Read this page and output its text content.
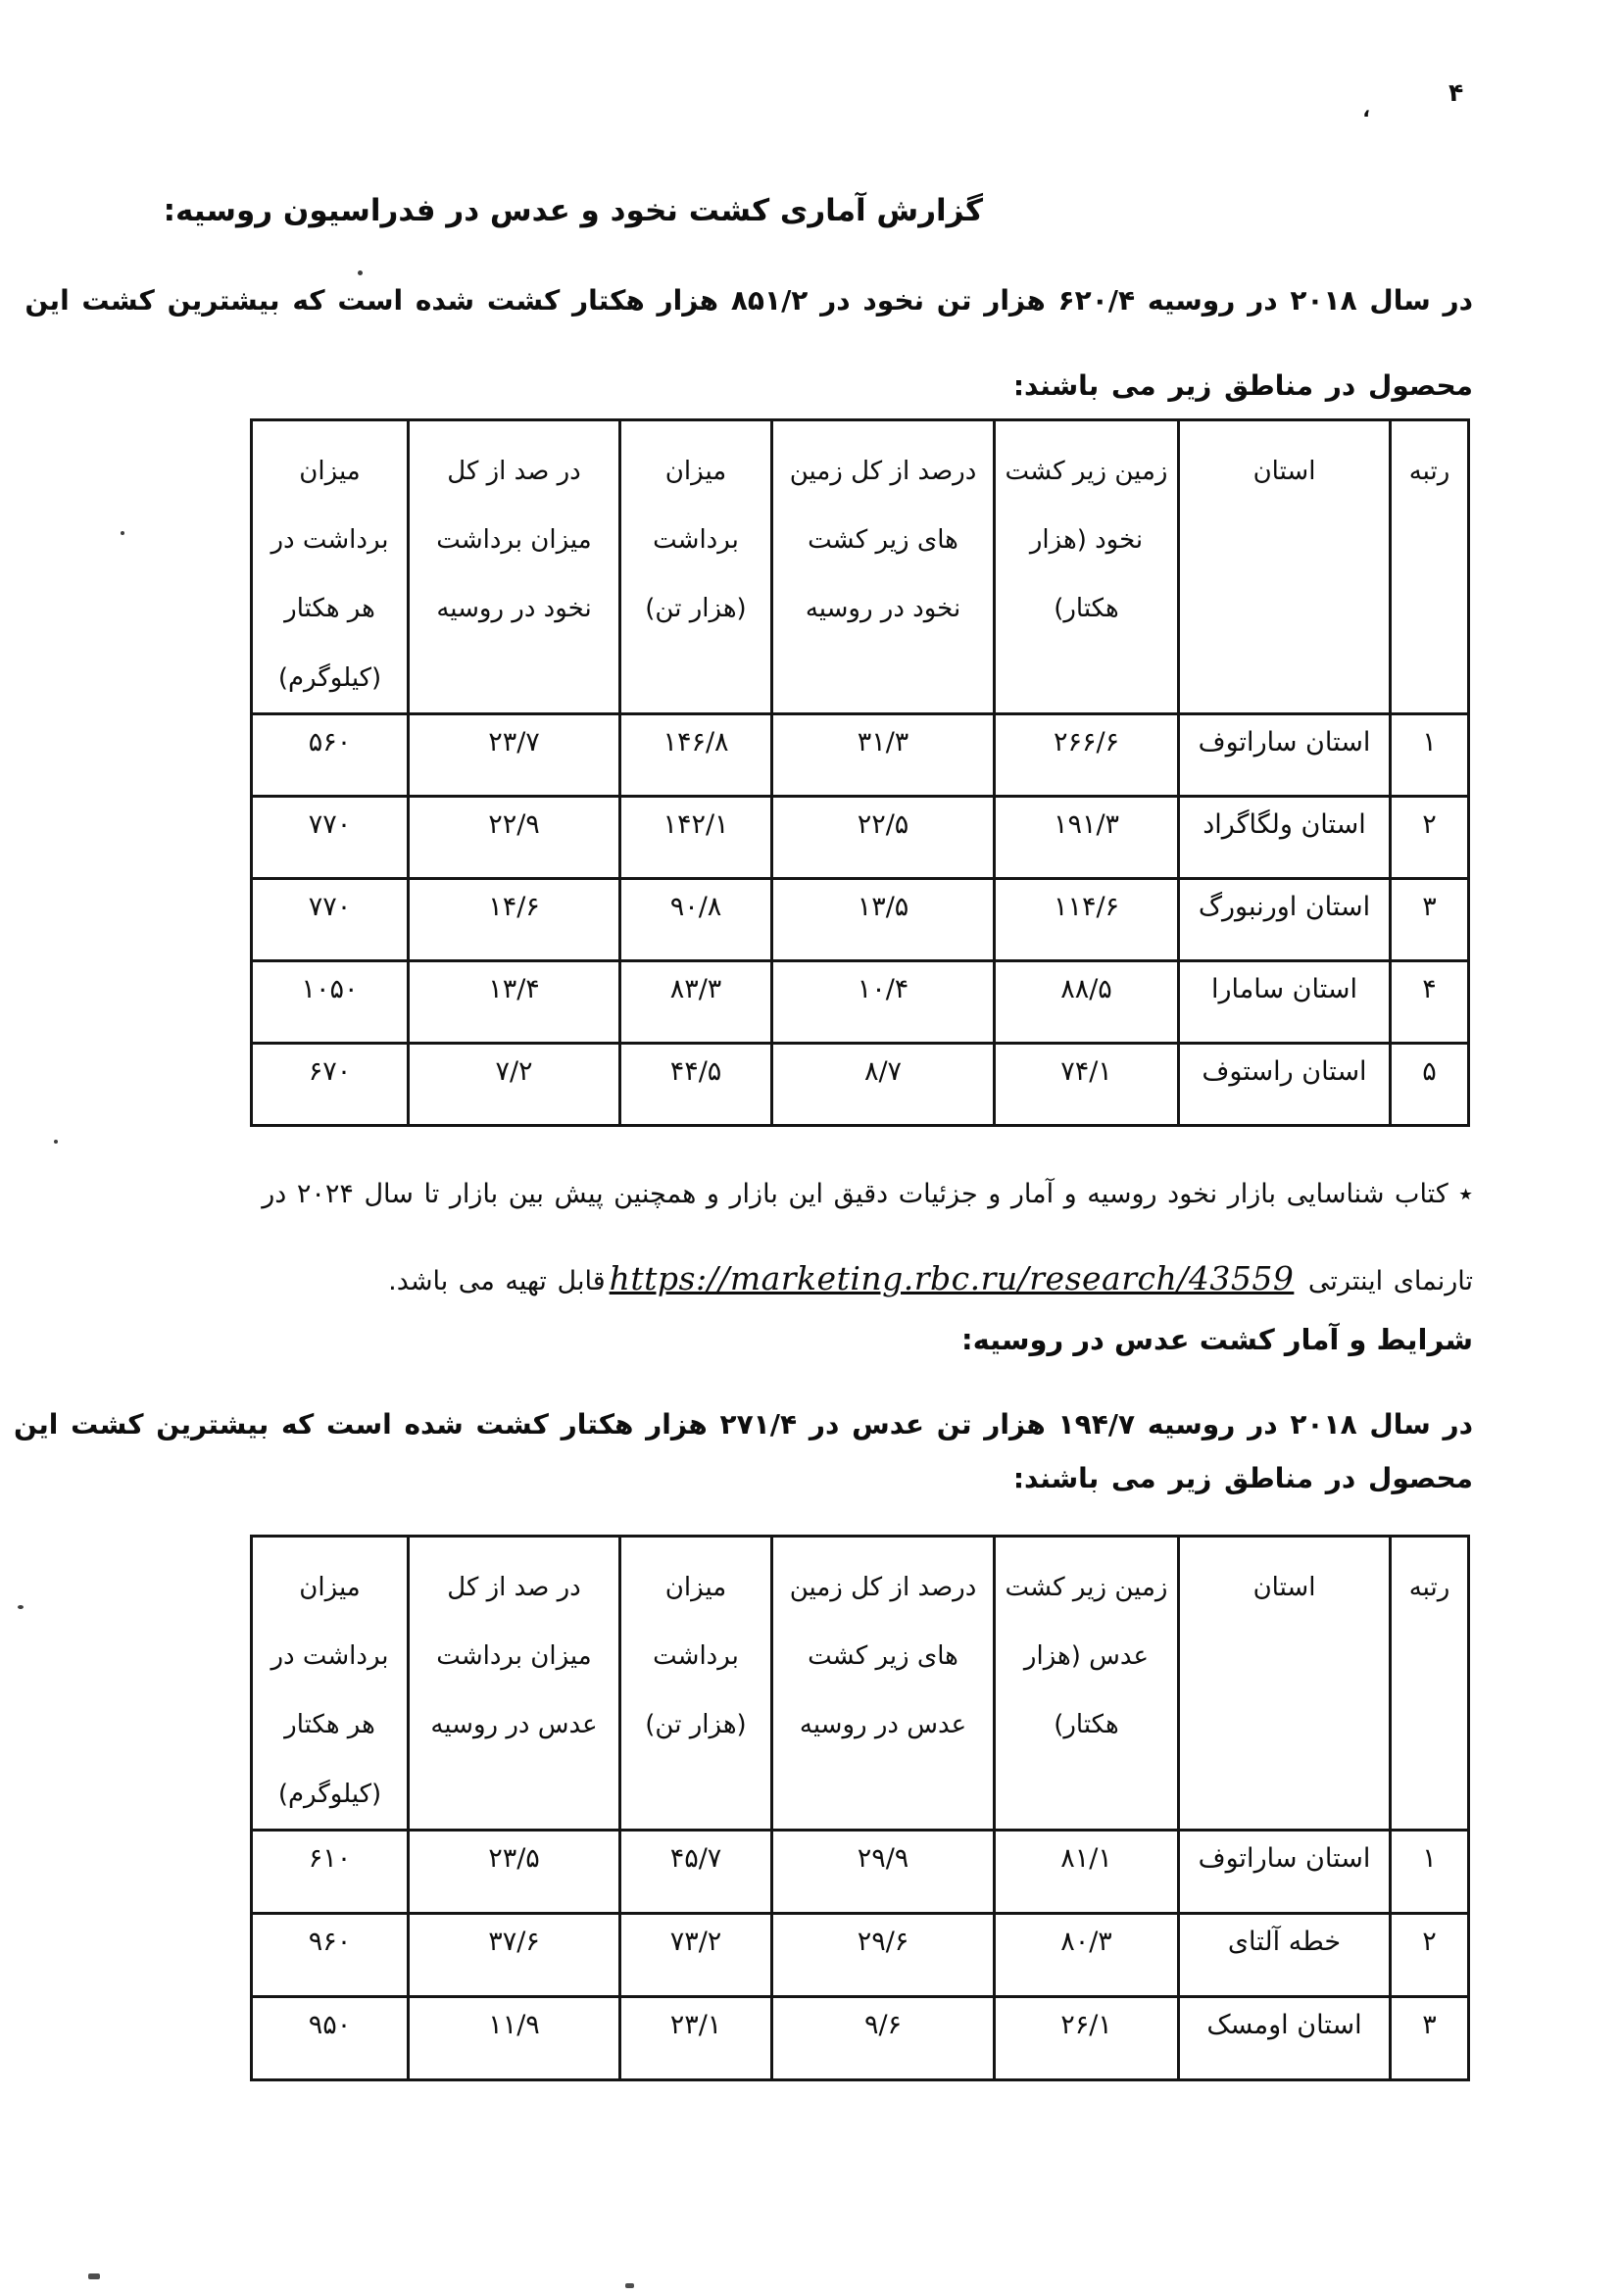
۴
،
گزارش آماری کشت نخود و عدس در فدراسیون روسیه:
در سال ۲۰۱۸ در روسیه ۶۲۰/۴ هزار تن نخود در ۸۵۱/۲ هزار هکتار کشت شده است که بیشترین کشت این
محصول در مناطق زیر می باشند:
رتبه	استان	زمین زیر کشت نخود (هزار هکتار)	درصد از کل زمین های زیر کشت نخود در روسیه	میزان برداشت (هزار تن)	در صد از کل میزان برداشت نخود در روسیه	میزان برداشت در هر هکتار (کیلوگرم)
۱	استان ساراتوف	۲۶۶/۶	۳۱/۳	۱۴۶/۸	۲۳/۷	۵۶۰
۲	استان ولگاگراد	۱۹۱/۳	۲۲/۵	۱۴۲/۱	۲۲/۹	۷۷۰
۳	استان اورنبورگ	۱۱۴/۶	۱۳/۵	۹۰/۸	۱۴/۶	۷۷۰
۴	استان سامارا	۸۸/۵	۱۰/۴	۸۳/۳	۱۳/۴	۱۰۵۰
۵	استان راستوف	۷۴/۱	۸/۷	۴۴/۵	۷/۲	۶۷۰
٭ کتاب شناسایی بازار نخود روسیه و آمار و جزئیات دقیق این بازار و همچنین پیش بین بازار تا سال ۲۰۲۴ در
تارنمای اینترتی https://marketing.rbc.ru/research/43559قابل تهیه می باشد.
شرایط و آمار کشت عدس در روسیه:
در سال ۲۰۱۸ در روسیه ۱۹۴/۷ هزار تن عدس در ۲۷۱/۴ هزار هکتار کشت شده است که بیشترین کشت این
محصول در مناطق زیر می باشند:
رتبه	استان	زمین زیر کشت عدس (هزار هکتار)	درصد از کل زمین های زیر کشت عدس در روسیه	میزان برداشت (هزار تن)	در صد از کل میزان برداشت عدس در روسیه	میزان برداشت در هر هکتار (کیلوگرم)
۱	استان ساراتوف	۸۱/۱	۲۹/۹	۴۵/۷	۲۳/۵	۶۱۰
۲	خطه آلتای	۸۰/۳	۲۹/۶	۷۳/۲	۳۷/۶	۹۶۰
۳	استان اومسک	۲۶/۱	۹/۶	۲۳/۱	۱۱/۹	۹۵۰
